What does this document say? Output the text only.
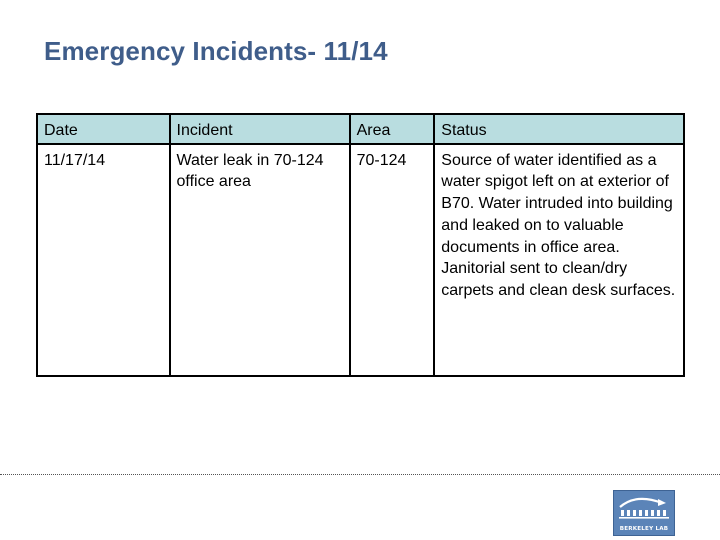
Emergency Incidents- 11/14
Date	Incident	Area	Status
11/17/14	Water leak in 70-124 office area	70-124	Source of water identified as a water spigot left on at exterior of B70. Water intruded into building and leaked on to valuable documents in office area. Janitorial sent to clean/dry carpets and clean desk surfaces.
BERKELEY LAB
